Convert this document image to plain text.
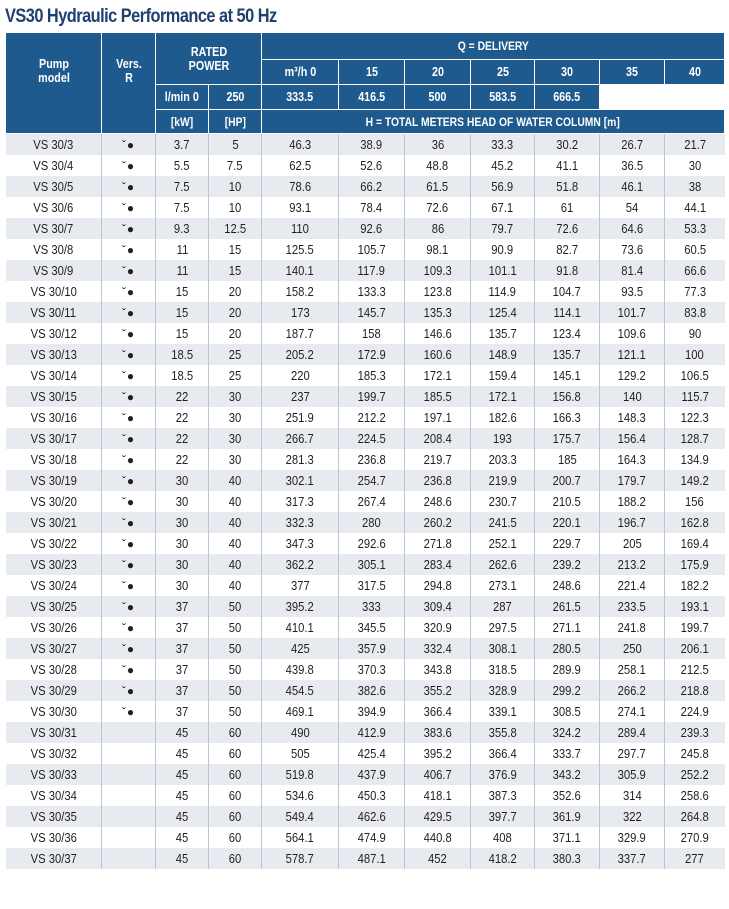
VS30 Hydraulic Performance at 50 Hz
Pump model	Vers. R	RATED POWER		Q = DELIVERY						
				m³/h 0	15	20	25	30	35	40
		l/min 0	250	333.5	416.5	500	583.5	666.5		
		[kW]	[HP]	H = TOTAL METERS HEAD OF WATER COLUMN [m]						
VS 30/3	ˇ●	3.7	5	46.3	38.9	36	33.3	30.2	26.7	21.7
VS 30/4	ˇ●	5.5	7.5	62.5	52.6	48.8	45.2	41.1	36.5	30
VS 30/5	ˇ●	7.5	10	78.6	66.2	61.5	56.9	51.8	46.1	38
VS 30/6	ˇ●	7.5	10	93.1	78.4	72.6	67.1	61	54	44.1
VS 30/7	ˇ●	9.3	12.5	110	92.6	86	79.7	72.6	64.6	53.3
VS 30/8	ˇ●	11	15	125.5	105.7	98.1	90.9	82.7	73.6	60.5
VS 30/9	ˇ●	11	15	140.1	117.9	109.3	101.1	91.8	81.4	66.6
VS 30/10	ˇ●	15	20	158.2	133.3	123.8	114.9	104.7	93.5	77.3
VS 30/11	ˇ●	15	20	173	145.7	135.3	125.4	114.1	101.7	83.8
VS 30/12	ˇ●	15	20	187.7	158	146.6	135.7	123.4	109.6	90
VS 30/13	ˇ●	18.5	25	205.2	172.9	160.6	148.9	135.7	121.1	100
VS 30/14	ˇ●	18.5	25	220	185.3	172.1	159.4	145.1	129.2	106.5
VS 30/15	ˇ●	22	30	237	199.7	185.5	172.1	156.8	140	115.7
VS 30/16	ˇ●	22	30	251.9	212.2	197.1	182.6	166.3	148.3	122.3
VS 30/17	ˇ●	22	30	266.7	224.5	208.4	193	175.7	156.4	128.7
VS 30/18	ˇ●	22	30	281.3	236.8	219.7	203.3	185	164.3	134.9
VS 30/19	ˇ●	30	40	302.1	254.7	236.8	219.9	200.7	179.7	149.2
VS 30/20	ˇ●	30	40	317.3	267.4	248.6	230.7	210.5	188.2	156
VS 30/21	ˇ●	30	40	332.3	280	260.2	241.5	220.1	196.7	162.8
VS 30/22	ˇ●	30	40	347.3	292.6	271.8	252.1	229.7	205	169.4
VS 30/23	ˇ●	30	40	362.2	305.1	283.4	262.6	239.2	213.2	175.9
VS 30/24	ˇ●	30	40	377	317.5	294.8	273.1	248.6	221.4	182.2
VS 30/25	ˇ●	37	50	395.2	333	309.4	287	261.5	233.5	193.1
VS 30/26	ˇ●	37	50	410.1	345.5	320.9	297.5	271.1	241.8	199.7
VS 30/27	ˇ●	37	50	425	357.9	332.4	308.1	280.5	250	206.1
VS 30/28	ˇ●	37	50	439.8	370.3	343.8	318.5	289.9	258.1	212.5
VS 30/29	ˇ●	37	50	454.5	382.6	355.2	328.9	299.2	266.2	218.8
VS 30/30	ˇ●	37	50	469.1	394.9	366.4	339.1	308.5	274.1	224.9
VS 30/31		45	60	490	412.9	383.6	355.8	324.2	289.4	239.3
VS 30/32		45	60	505	425.4	395.2	366.4	333.7	297.7	245.8
VS 30/33		45	60	519.8	437.9	406.7	376.9	343.2	305.9	252.2
VS 30/34		45	60	534.6	450.3	418.1	387.3	352.6	314	258.6
VS 30/35		45	60	549.4	462.6	429.5	397.7	361.9	322	264.8
VS 30/36		45	60	564.1	474.9	440.8	408	371.1	329.9	270.9
VS 30/37		45	60	578.7	487.1	452	418.2	380.3	337.7	277
